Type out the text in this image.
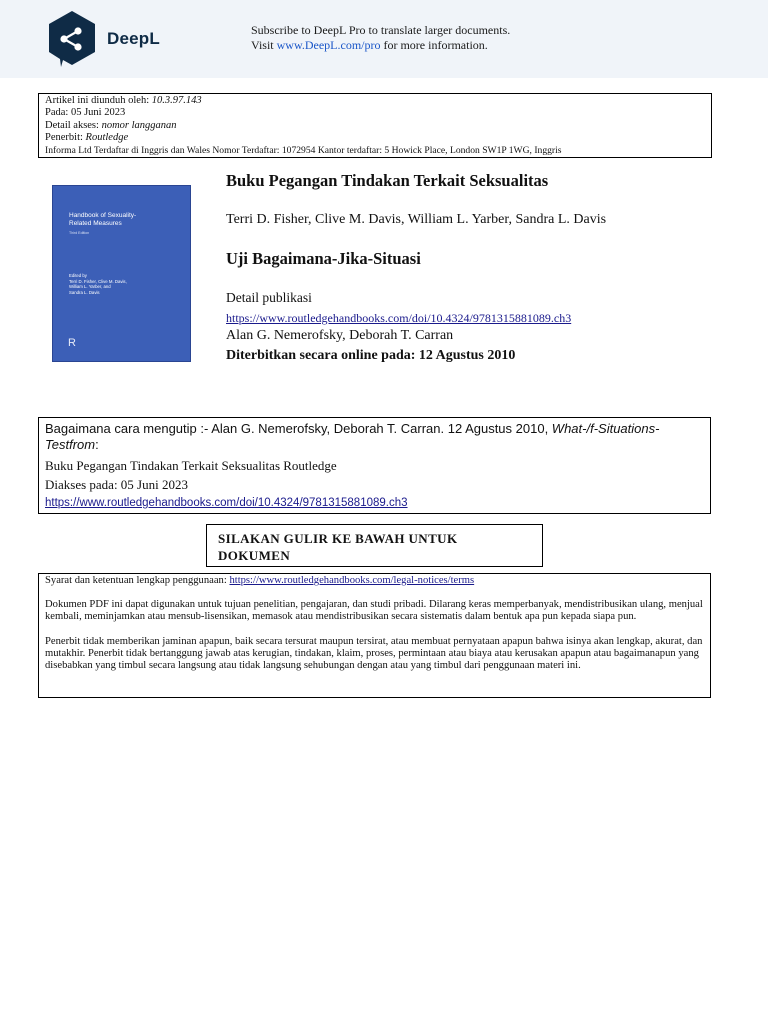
DeepL	Subscribe to DeepL Pro to translate larger documents.
Visit www.DeepL.com/pro for more information.
Artikel ini diunduh oleh: 10.3.97.143
Pada: 05 Juni 2023
Detail akses: nomor langganan
Penerbit: Routledge
Informa Ltd Terdaftar di Inggris dan Wales Nomor Terdaftar: 1072954 Kantor terdaftar: 5 Howick Place, London SW1P 1WG, Inggris
Handbook of Sexuality-
Related Measures
Third Edition
Edited by
Terri D. Fisher, Clive M. Davis,
William L. Yarber, and
Sandra L. Davis
R
Buku Pegangan Tindakan Terkait Seksualitas
Terri D. Fisher, Clive M. Davis, William L. Yarber, Sandra L. Davis
Uji Bagaimana-Jika-Situasi
Detail publikasi
https://www.routledgehandbooks.com/doi/10.4324/9781315881089.ch3
Alan G. Nemerofsky, Deborah T. Carran
Diterbitkan secara online pada: 12 Agustus 2010
Bagaimana cara mengutip :- Alan G. Nemerofsky, Deborah T. Carran. 12 Agustus 2010, What-/f-Situations-Testfrom:
Buku Pegangan Tindakan Terkait Seksualitas Routledge
Diakses pada: 05 Juni 2023
https://www.routledgehandbooks.com/doi/10.4324/9781315881089.ch3
SILAKAN GULIR KE BAWAH UNTUK DOKUMEN

Syarat dan ketentuan lengkap penggunaan: https://www.routledgehandbooks.com/legal-notices/terms

Dokumen PDF ini dapat digunakan untuk tujuan penelitian, pengajaran, dan studi pribadi. Dilarang keras memperbanyak, mendistribusikan ulang, menjual kembali, meminjamkan atau mensub-lisensikan, memasok atau mendistribusikan secara sistematis dalam bentuk apa pun kepada siapa pun.

Penerbit tidak memberikan jaminan apapun, baik secara tersurat maupun tersirat, atau membuat pernyataan apapun bahwa isinya akan lengkap, akurat, dan mutakhir. Penerbit tidak bertanggung jawab atas kerugian, tindakan, klaim, proses, permintaan atau biaya atau kerusakan apapun atau bagaimanapun yang disebabkan yang timbul secara langsung atau tidak langsung sehubungan dengan atau yang timbul dari penggunaan materi ini.
